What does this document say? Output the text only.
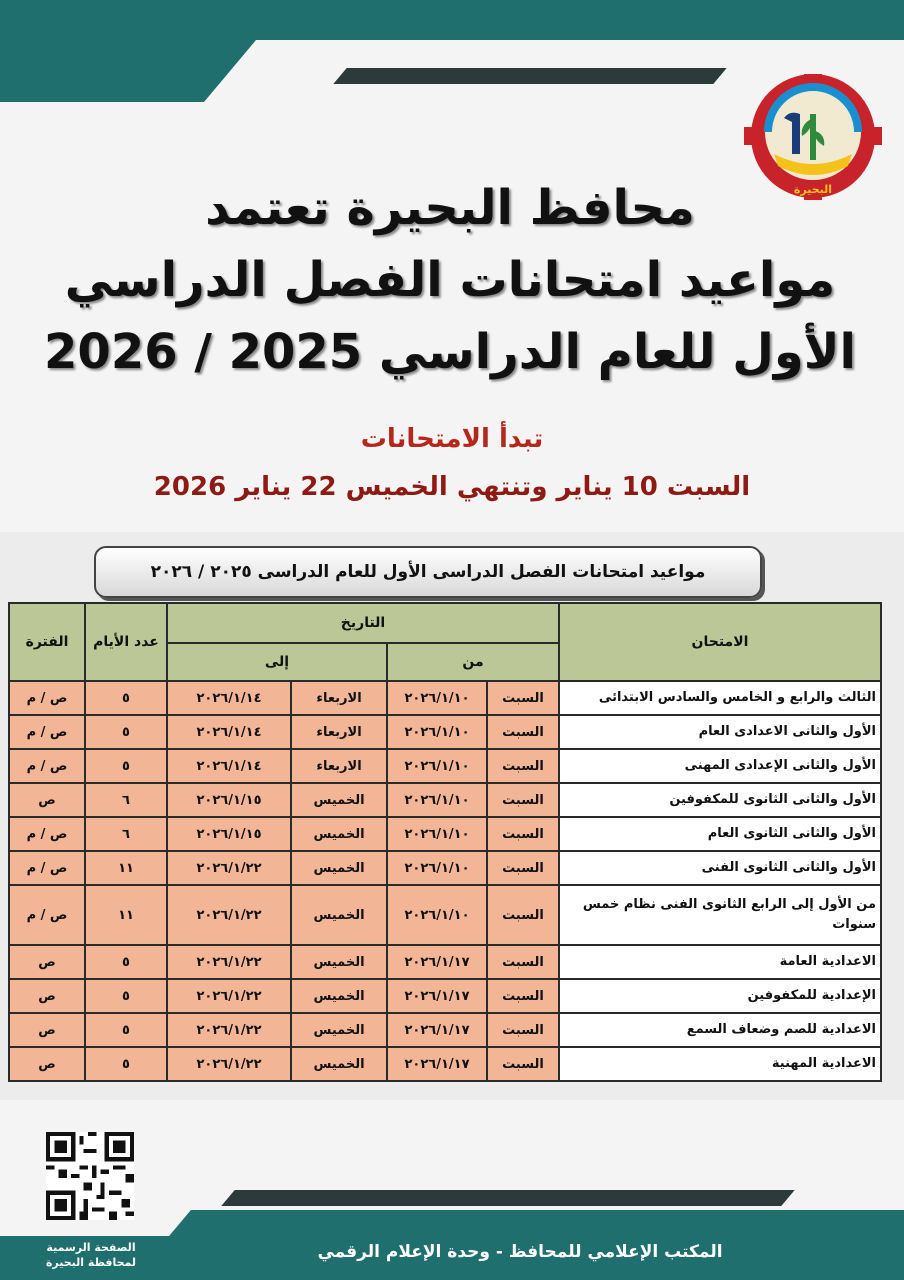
البحيرة
محافظ البحيرة تعتمد
مواعيد امتحانات الفصل الدراسي
الأول للعام الدراسي 2025 / 2026
تبدأ الامتحانات
السبت 10 يناير وتنتهي الخميس 22 يناير 2026
مواعيد امتحانات الفصل الدراسى الأول للعام الدراسى ٢٠٢٥ / ٢٠٢٦
الامتحان	التاريخ				عدد الأيام	الفترة
	من		إلى			
الثالث والرابع و الخامس والسادس الابتدائى	السبت	٢٠٢٦/١/١٠	الاربعاء	٢٠٢٦/١/١٤	٥	ص / م
الأول والثانى الاعدادى العام	السبت	٢٠٢٦/١/١٠	الاربعاء	٢٠٢٦/١/١٤	٥	ص / م
الأول والثانى الإعدادى المهنى	السبت	٢٠٢٦/١/١٠	الاربعاء	٢٠٢٦/١/١٤	٥	ص / م
الأول والثانى الثانوى للمكفوفين	السبت	٢٠٢٦/١/١٠	الخميس	٢٠٢٦/١/١٥	٦	ص
الأول والثانى الثانوى العام	السبت	٢٠٢٦/١/١٠	الخميس	٢٠٢٦/١/١٥	٦	ص / م
الأول والثانى الثانوى الفنى	السبت	٢٠٢٦/١/١٠	الخميس	٢٠٢٦/١/٢٢	١١	ص / م
من الأول إلى الرابع الثانوى الفنى نظام خمس سنوات	السبت	٢٠٢٦/١/١٠	الخميس	٢٠٢٦/١/٢٢	١١	ص / م
الاعدادية العامة	السبت	٢٠٢٦/١/١٧	الخميس	٢٠٢٦/١/٢٢	٥	ص
الإعدادية للمكفوفين	السبت	٢٠٢٦/١/١٧	الخميس	٢٠٢٦/١/٢٢	٥	ص
الاعدادية للصم وضعاف السمع	السبت	٢٠٢٦/١/١٧	الخميس	٢٠٢٦/١/٢٢	٥	ص
الاعدادية المهنية	السبت	٢٠٢٦/١/١٧	الخميس	٢٠٢٦/١/٢٢	٥	ص
الصفحة الرسمية
لمحافظة البحيرة
المكتب الإعلامي للمحافظ - وحدة الإعلام الرقمي
